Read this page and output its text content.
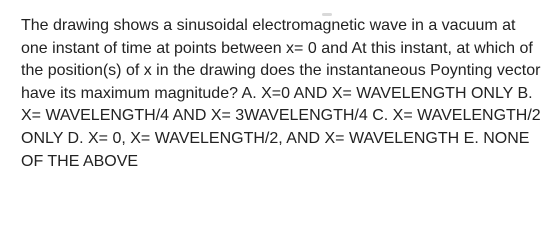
The drawing shows a sinusoidal electromagnetic wave in a vacuum at one instant of time at points between x= 0 and At this instant, at which of the position(s) of x in the drawing does the instantaneous Poynting vector have its maximum magnitude? A. X=0 AND X= WAVELENGTH ONLY B. X= WAVELENGTH/4 AND X= 3WAVELENGTH/4 C. X= WAVELENGTH/2 ONLY D. X= 0, X= WAVELENGTH/2, AND X= WAVELENGTH E. NONE OF THE ABOVE
